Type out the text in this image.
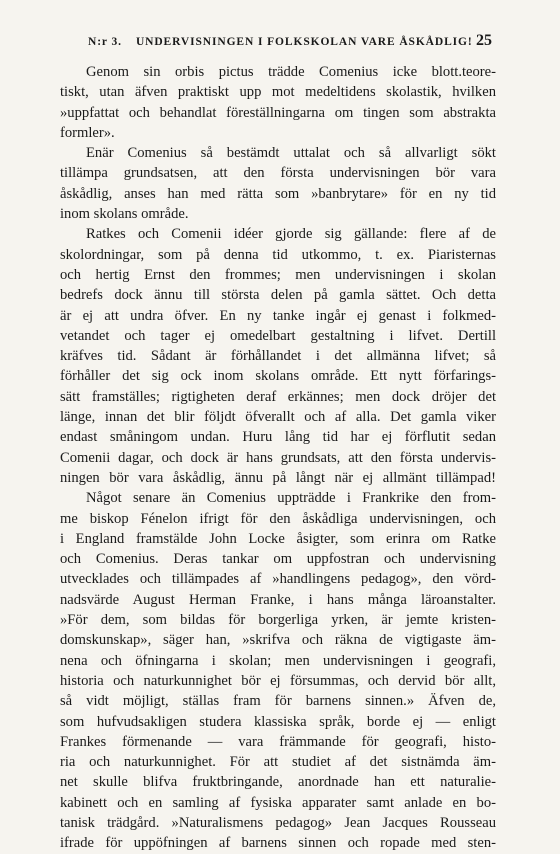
N:r 3. UNDERVISNINGEN I FOLKSKOLAN VARE ÅSKÅDLIG! 25

Genom sin orbis pictus trädde Comenius icke blott.teore-
tiskt, utan äfven praktiskt upp mot medeltidens skolastik, hvilken
»uppfattat och behandlat föreställningarna om tingen som abstrakta
formler».

Enär Comenius så bestämdt uttalat och så allvarligt sökt
tillämpa grundsatsen, att den första undervisningen bör vara
åskådlig, anses han med rätta som »banbrytare» för en ny tid
inom skolans område.

Ratkes och Comenii idéer gjorde sig gällande: flere af de
skolordningar, som på denna tid utkommo, t. ex. Piaristernas
och hertig Ernst den frommes; men undervisningen i skolan
bedrefs dock ännu till största delen på gamla sättet. Och detta
är ej att undra öfver. En ny tanke ingår ej genast i folkmed-
vetandet och tager ej omedelbart gestaltning i lifvet. Dertill
kräfves tid. Sådant är förhållandet i det allmänna lifvet; så
förhåller det sig ock inom skolans område. Ett nytt förfarings-
sätt framställes; rigtigheten deraf erkännes; men dock dröjer det
länge, innan det blir följdt öfverallt och af alla. Det gamla viker
endast småningom undan. Huru lång tid har ej förflutit sedan
Comenii dagar, och dock är hans grundsats, att den första undervis-
ningen bör vara åskådlig, ännu på långt när ej allmänt tillämpad!

Något senare än Comenius uppträdde i Frankrike den from-
me biskop Fénelon ifrigt för den åskådliga undervisningen, och
i England framstälde John Locke åsigter, som erinra om Ratke
och Comenius. Deras tankar om uppfostran och undervisning
utvecklades och tillämpades af »handlingens pedagog», den vörd-
nadsvärde August Herman Franke, i hans många läroanstalter.
»För dem, som bildas för borgerliga yrken, är jemte kristen-
domskunskap», säger han, »skrifva och räkna de vigtigaste äm-
nena och öfningarna i skolan; men undervisningen i geografi,
historia och naturkunnighet bör ej försummas, och dervid bör allt,
så vidt möjligt, ställas fram för barnens sinnen.» Äfven de,
som hufvudsakligen studera klassiska språk, borde ej — enligt
Frankes förmenande — vara främmande för geografi, histo-
ria och naturkunnighet. För att studiet af det sistnämda äm-
net skulle blifva fruktbringande, anordnade han ett naturalie-
kabinett och en samling af fysiska apparater samt anlade en bo-
tanisk trädgård. »Naturalismens pedagog» Jean Jacques Rousseau
ifrade för uppöfningen af barnens sinnen och ropade med sten-
